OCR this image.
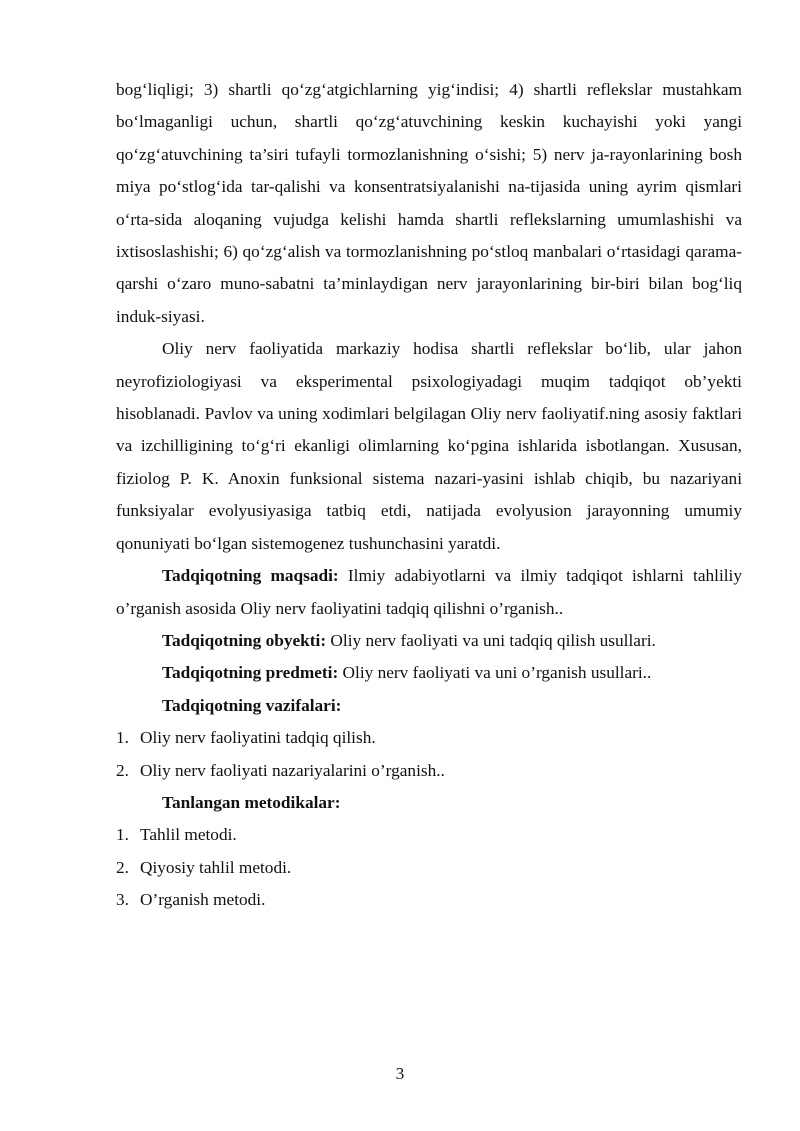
bog‘liqligi; 3) shartli qo‘zg‘atgichlarning yig‘indisi; 4) shartli reflekslar mustahkam bo‘lmaganligi uchun, shartli qo‘zg‘atuvchining keskin kuchayishi yoki yangi qo‘zg‘atuvchining ta’siri tufayli tormozlanishning o‘sishi; 5) nerv ja-rayonlarining bosh miya po‘stlog‘ida tar-qalishi va konsentratsiyalanishi na-tijasida uning ayrim qismlari o‘rta-sida aloqaning vujudga kelishi hamda shartli reflekslarning umumlashishi va ixtisoslashishi; 6) qo‘zg‘alish va tormozlanishning po‘stloq manbalari o‘rtasidagi qarama-qarshi o‘zaro muno-sabatni ta’minlaydigan nerv jarayonlarining bir-biri bilan bog‘liq induk-siyasi.

Oliy nerv faoliyatida markaziy hodisa shartli reflekslar bo‘lib, ular jahon neyrofiziologiyasi va eksperimental psixologiyadagi muqim tadqiqot ob’yekti hisoblanadi. Pavlov va uning xodimlari belgilagan Oliy nerv faoliyatif.ning asosiy faktlari va izchilligining to‘g‘ri ekanligi olimlarning ko‘pgina ishlarida isbotlangan. Xususan, fiziolog P. K. Anoxin funksional sistema nazari-yasini ishlab chiqib, bu nazariyani funksiyalar evolyusiyasiga tatbiq etdi, natijada evolyusion jarayonning umumiy qonuniyati bo‘lgan sistemogenez tushunchasini yaratdi.

Tadqiqotning maqsadi: Ilmiy adabiyotlarni va ilmiy tadqiqot ishlarni tahliliy o’rganish asosida Oliy nerv faoliyatini tadqiq qilishni o’rganish..

Tadqiqotning obyekti: Oliy nerv faoliyati va uni tadqiq qilish usullari.

Tadqiqotning predmeti: Oliy nerv faoliyati va uni o’rganish usullari..

Tadqiqotning vazifalari:
1. Oliy nerv faoliyatini tadqiq qilish.
2. Oliy nerv faoliyati nazariyalarini o’rganish..
Tanlangan metodikalar:
1. Tahlil metodi.
2. Qiyosiy tahlil metodi.
3. O’rganish metodi.
3
